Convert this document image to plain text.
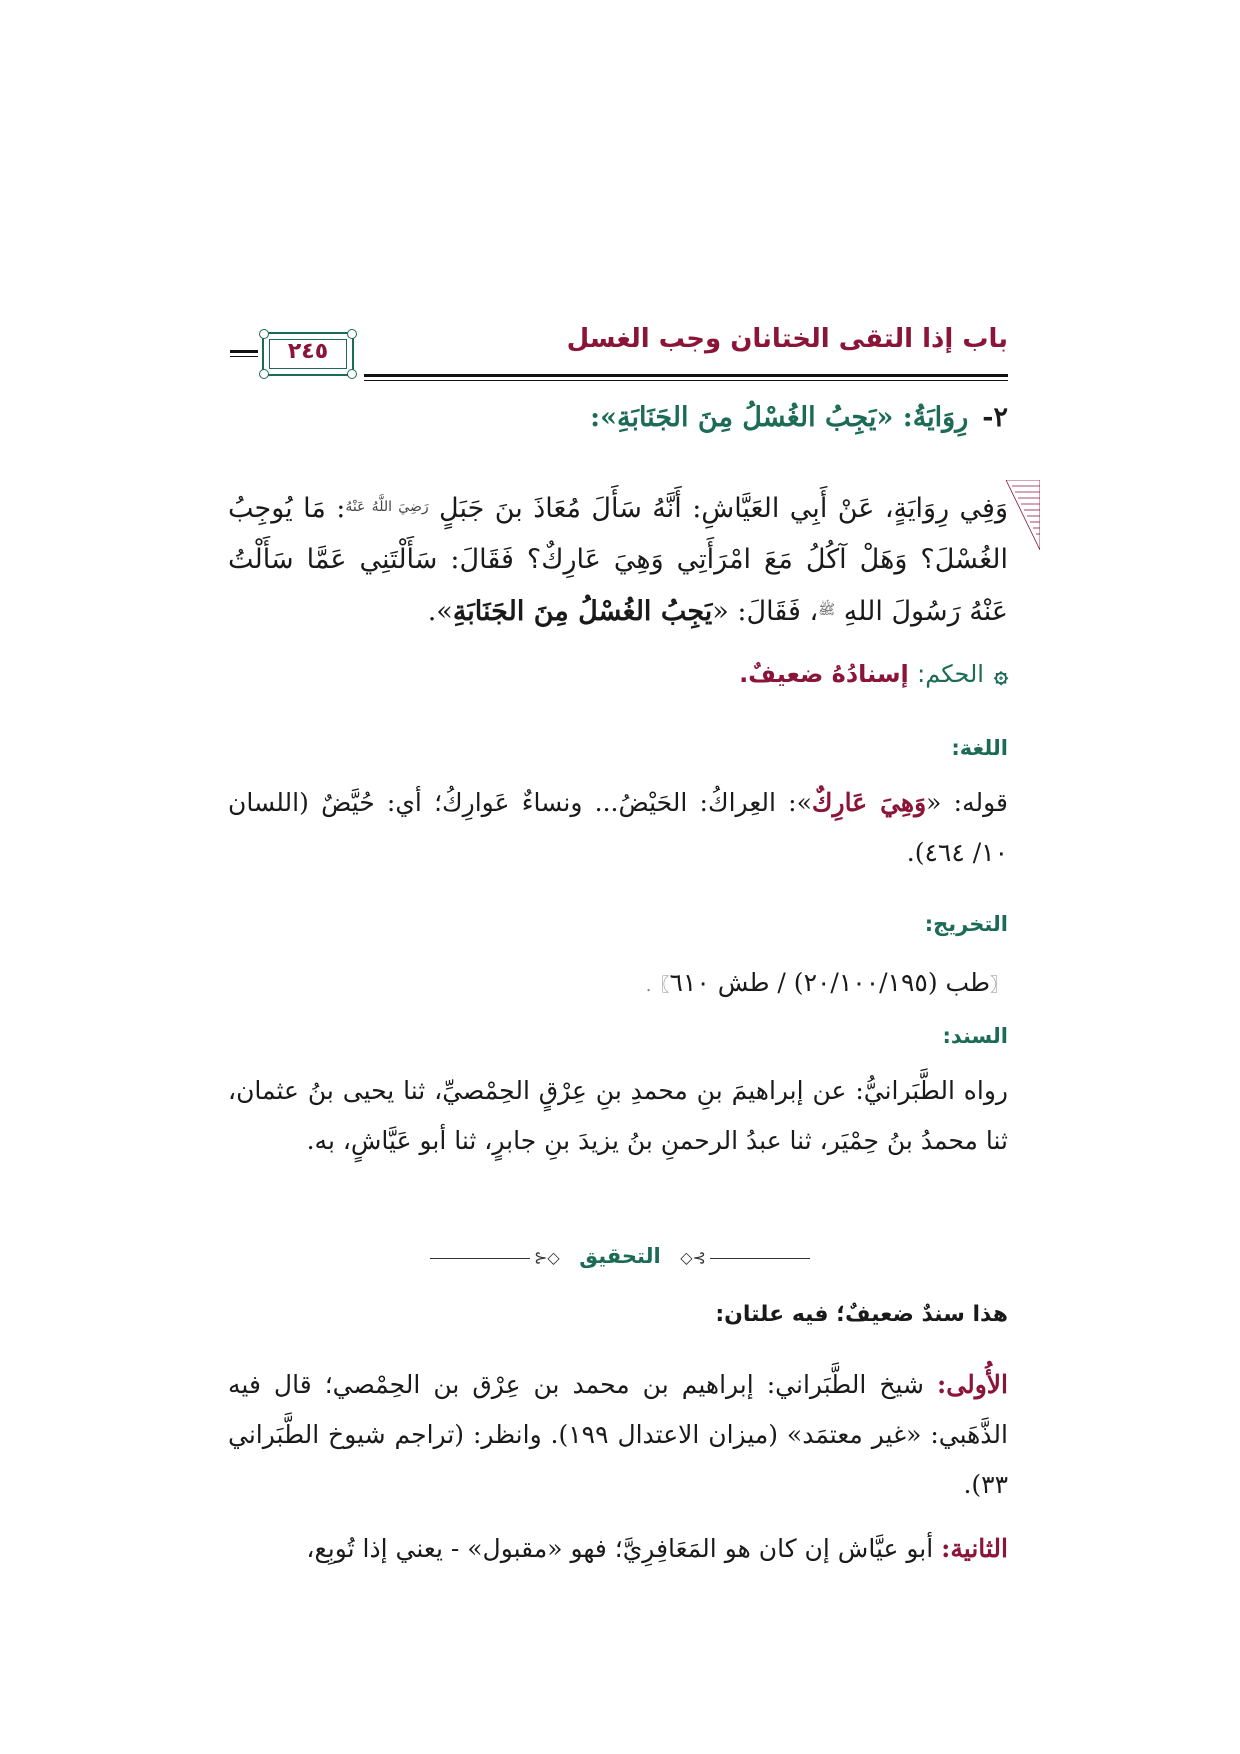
باب إذا التقى الختانان وجب الغسل
٢٤٥
٢-رِوَايَةُ: «يَجِبُ الغُسْلُ مِنَ الجَنَابَةِ»:
وَفِي رِوَايَةٍ، عَنْ أَبِي العَيَّاشِ: أَنَّهُ سَأَلَ مُعَاذَ بنَ جَبَلٍ $^{رَضِيَ اللَّهُ عَنْهُ}$: مَا يُوجِبُ الغُسْلَ؟ وَهَلْ آكُلُ مَعَ امْرَأَتِي وَهِيَ عَارِكٌ؟ فَقَالَ: سَأَلْتَنِي عَمَّا سَأَلْتُ عَنْهُ رَسُولَ اللهِ $^ﷺ$، فَقَالَ: «يَجِبُ الغُسْلُ مِنَ الجَنَابَةِ».
۞الحكم: إسنادُهُ ضعيفٌ.
اللغة:
قوله: «وَهِيَ عَارِكٌ»: العِراكُ: الحَيْضُ... ونساءٌ عَوارِكُ؛ أي: حُيَّضٌ (اللسان ١٠/ ٤٦٤).
التخريج:
〖طب (٢٠/١٠٠/١٩٥) / طش ٦١٠〗.
السند:
رواه الطَّبَرانيُّ: عن إبراهيمَ بنِ محمدِ بنِ عِرْقٍ الحِمْصيِّ، ثنا يحيى بنُ عثمان، ثنا محمدُ بنُ حِمْيَر، ثنا عبدُ الرحمنِ بنُ يزيدَ بنِ جابرٍ، ثنا أبو عَيَّاشٍ، به.
◇⊰ التحقيق	⊱◇
هذا سندٌ ضعيفٌ؛ فيه علتان:
الأُولى: شيخ الطَّبَراني: إبراهيم بن محمد بن عِرْق بن الحِمْصي؛ قال فيه الذَّهَبي: «غير معتمَد» (ميزان الاعتدال ١٩٩). وانظر: (تراجم شيوخ الطَّبَراني ٣٣).
الثانية: أبو عيَّاش إن كان هو المَعَافِرِيَّ؛ فهو «مقبول» - يعني إذا تُوبِع،
